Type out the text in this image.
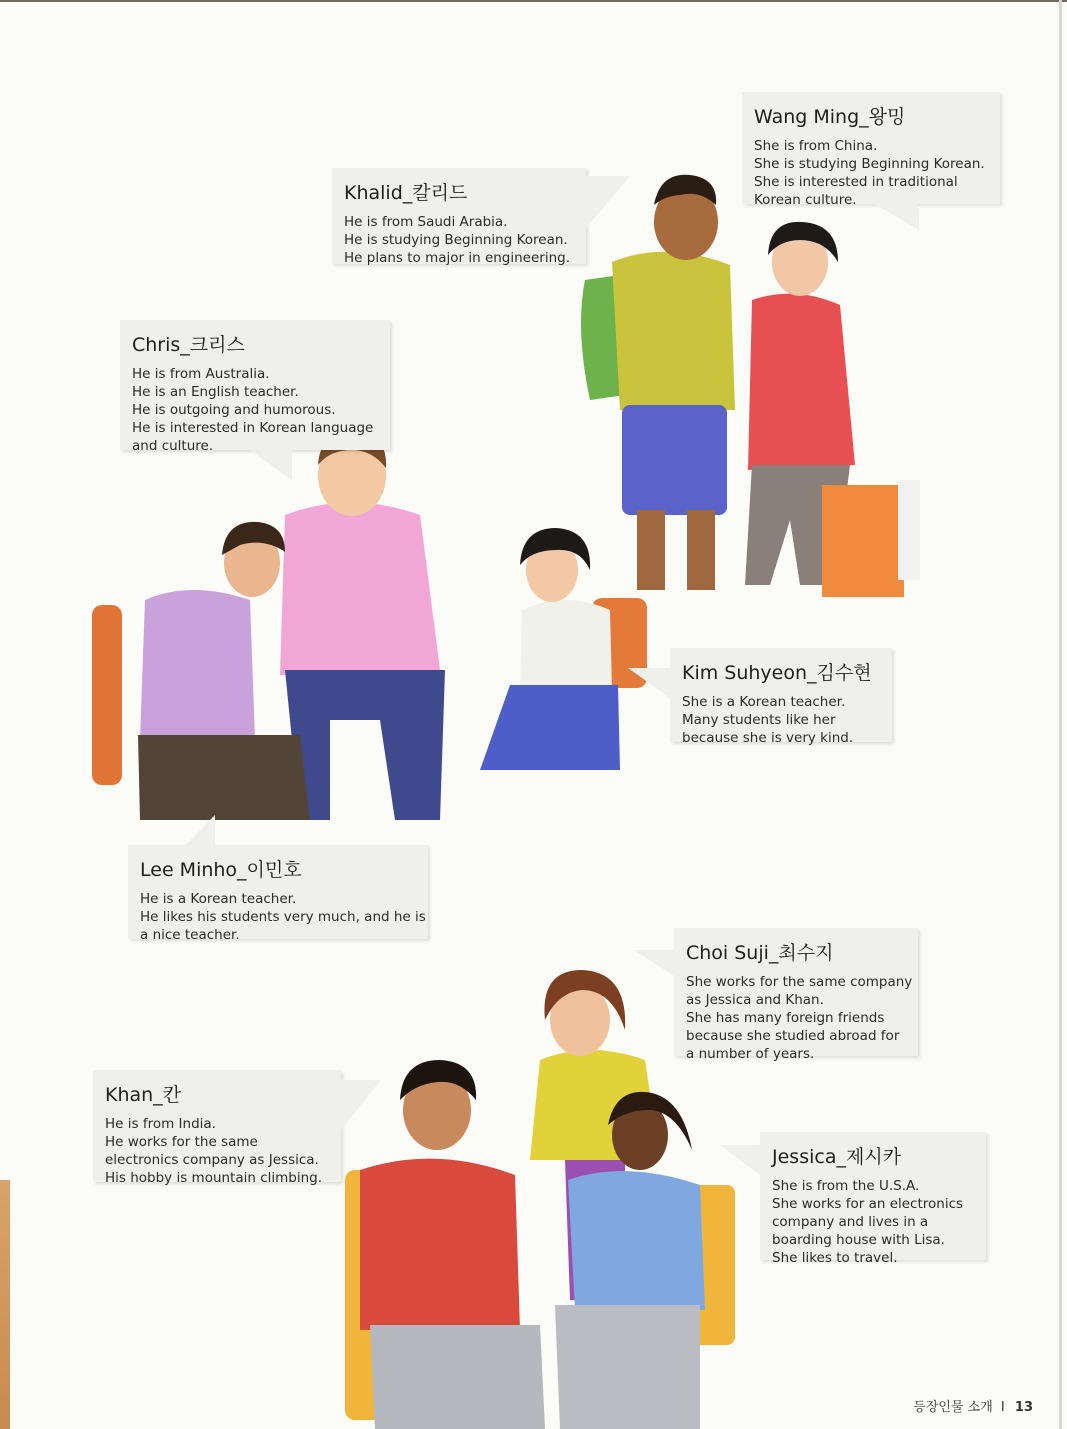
Wang Ming_왕밍
She is from China.
She is studying Beginning Korean.
She is interested in traditional
Korean culture.
Khalid_칼리드
He is from Saudi Arabia.
He is studying Beginning Korean.
He plans to major in engineering.
Chris_크리스
He is from Australia.
He is an English teacher.
He is outgoing and humorous.
He is interested in Korean language
and culture.
Kim Suhyeon_김수현
She is a Korean teacher.
Many students like her
because she is very kind.
Lee Minho_이민호
He is a Korean teacher.
He likes his students very much, and he is
a nice teacher.
Choi Suji_최수지
She works for the same company
as Jessica and Khan.
She has many foreign friends
because she studied abroad for
a number of years.
Khan_칸
He is from India.
He works for the same
electronics company as Jessica.
His hobby is mountain climbing.
Jessica_제시카
She is from the U.S.A.
She works for an electronics
company and lives in a
boarding house with Lisa.
She likes to travel.
등장인물 소개 I 13
